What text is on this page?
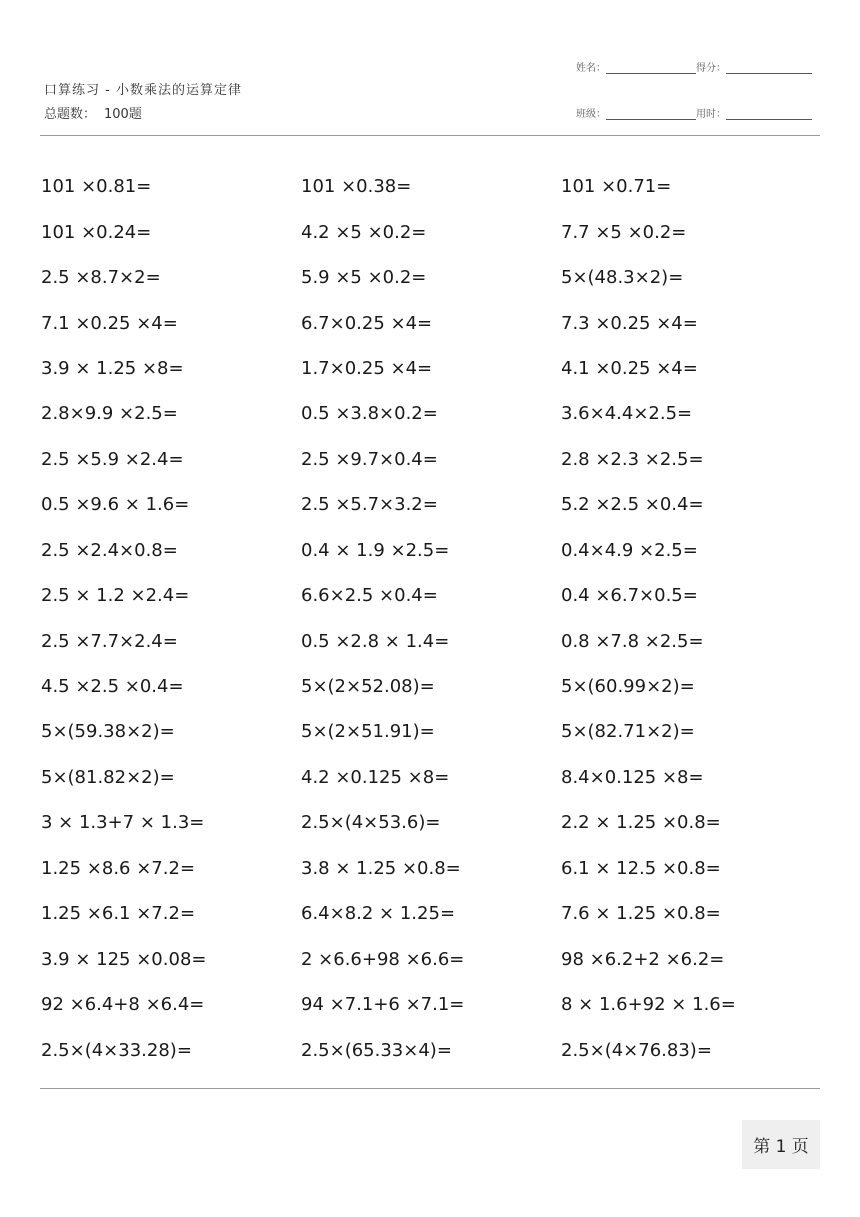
口算练习 - 小数乘法的运算定律
总题数： 100题
姓名：	得分：
班级：	用时：
101 ×0.81=	101 ×0.38=	101 ×0.71=
101 ×0.24=	4.2 ×5 ×0.2=	7.7 ×5 ×0.2=
2.5 ×8.7×2=	5.9 ×5 ×0.2=	5×(48.3×2)=
7.1 ×0.25 ×4=	6.7×0.25 ×4=	7.3 ×0.25 ×4=
3.9 × 1.25 ×8=	1.7×0.25 ×4=	4.1 ×0.25 ×4=
2.8×9.9 ×2.5=	0.5 ×3.8×0.2=	3.6×4.4×2.5=
2.5 ×5.9 ×2.4=	2.5 ×9.7×0.4=	2.8 ×2.3 ×2.5=
0.5 ×9.6 × 1.6=	2.5 ×5.7×3.2=	5.2 ×2.5 ×0.4=
2.5 ×2.4×0.8=	0.4 × 1.9 ×2.5=	0.4×4.9 ×2.5=
2.5 × 1.2 ×2.4=	6.6×2.5 ×0.4=	0.4 ×6.7×0.5=
2.5 ×7.7×2.4=	0.5 ×2.8 × 1.4=	0.8 ×7.8 ×2.5=
4.5 ×2.5 ×0.4=	5×(2×52.08)=	5×(60.99×2)=
5×(59.38×2)=	5×(2×51.91)=	5×(82.71×2)=
5×(81.82×2)=	4.2 ×0.125 ×8=	8.4×0.125 ×8=
3 × 1.3+7 × 1.3=	2.5×(4×53.6)=	2.2 × 1.25 ×0.8=
1.25 ×8.6 ×7.2=	3.8 × 1.25 ×0.8=	6.1 × 12.5 ×0.8=
1.25 ×6.1 ×7.2=	6.4×8.2 × 1.25=	7.6 × 1.25 ×0.8=
3.9 × 125 ×0.08=	2 ×6.6+98 ×6.6=	98 ×6.2+2 ×6.2=
92 ×6.4+8 ×6.4=	94 ×7.1+6 ×7.1=	8 × 1.6+92 × 1.6=
2.5×(4×33.28)=	2.5×(65.33×4)=	2.5×(4×76.83)=
第 1 页
